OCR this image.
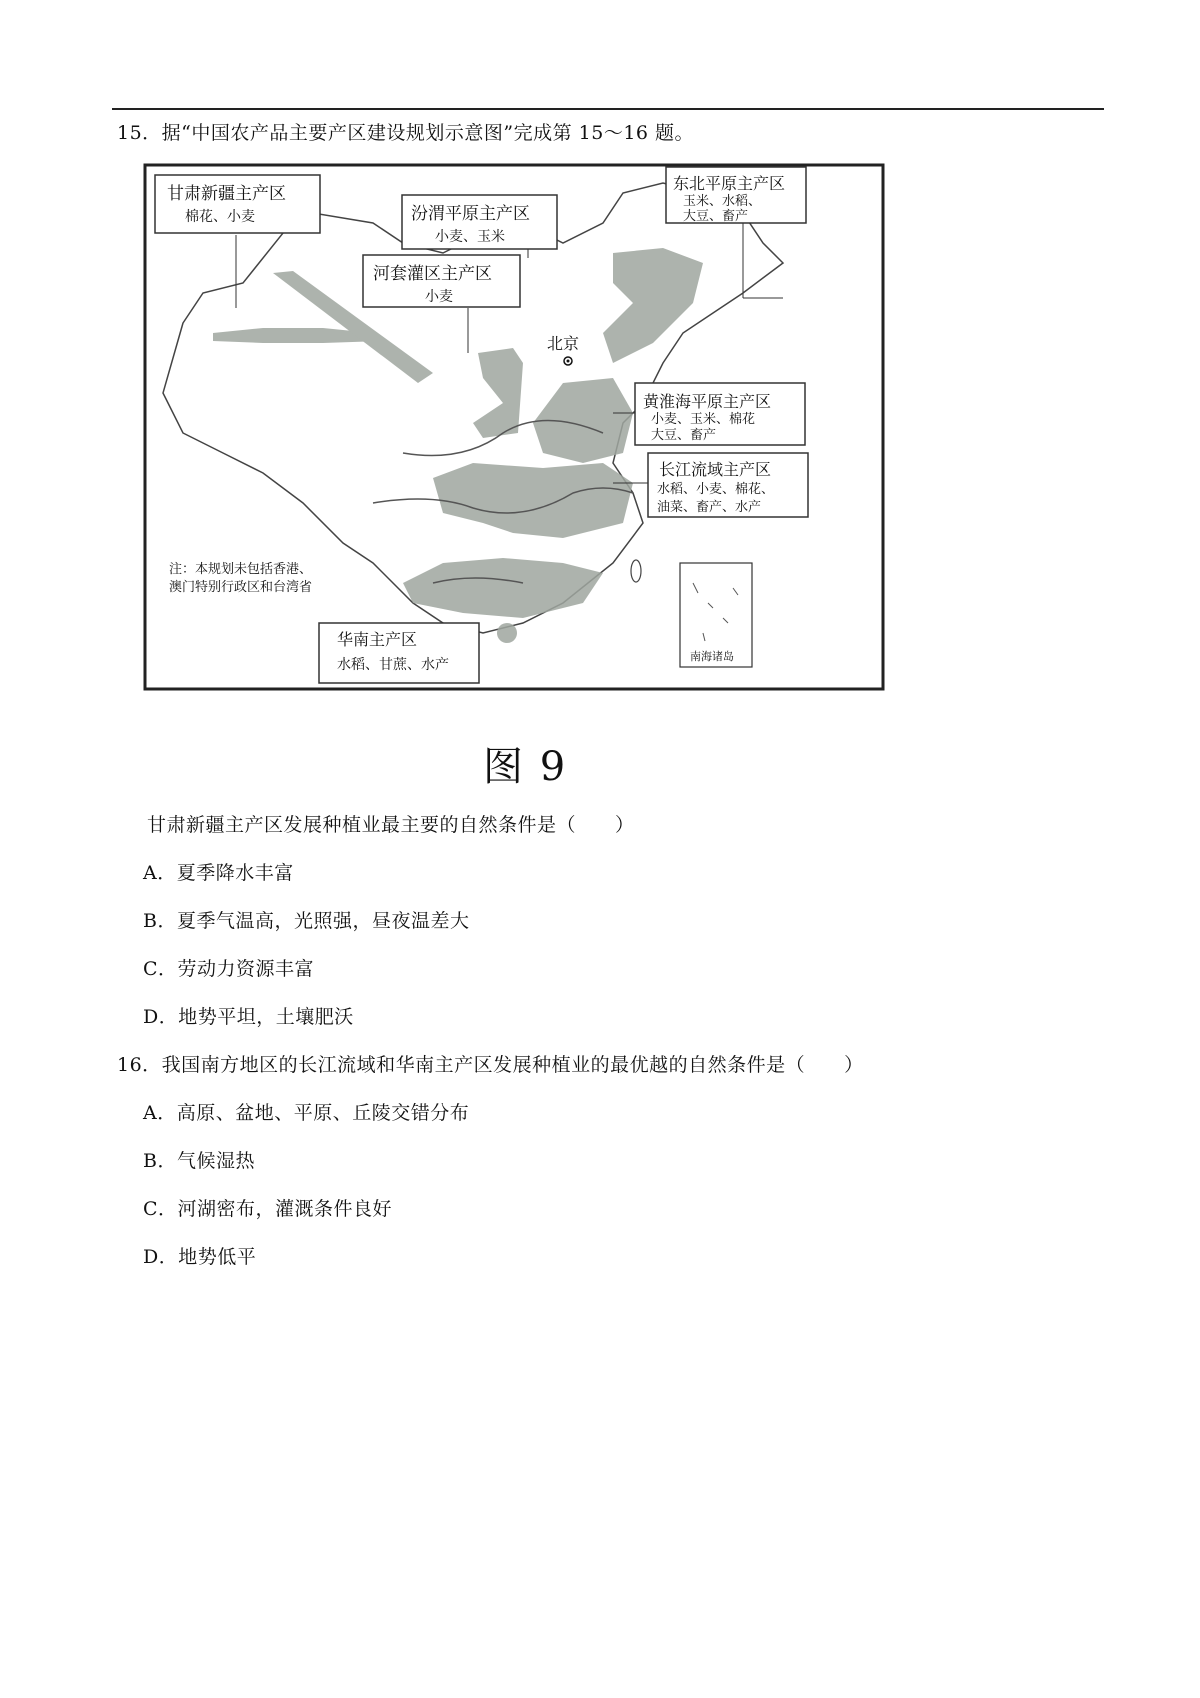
15．据“中国农产品主要产区建设规划示意图”完成第 15～16 题。
北京
甘肃新疆主产区
棉花、小麦	汾渭平原主产区
小麦、玉米
河套灌区主产区
小麦
东北平原主产区
玉米、水稻、
大豆、畜产
黄淮海平原主产区
小麦、玉米、棉花
大豆、畜产
长江流域主产区
水稻、小麦、棉花、
油菜、畜产、水产
华南主产区
水稻、甘蔗、水产
注：本规划未包括香港、
澳门特别行政区和台湾省
南海诸岛
图 9
甘肃新疆主产区发展种植业最主要的自然条件是（　　）
A．夏季降水丰富
B．夏季气温高，光照强，昼夜温差大
C．劳动力资源丰富
D．地势平坦，土壤肥沃
16．我国南方地区的长江流域和华南主产区发展种植业的最优越的自然条件是（　　）
A．高原、盆地、平原、丘陵交错分布
B．气候湿热
C．河湖密布，灌溉条件良好
D．地势低平
